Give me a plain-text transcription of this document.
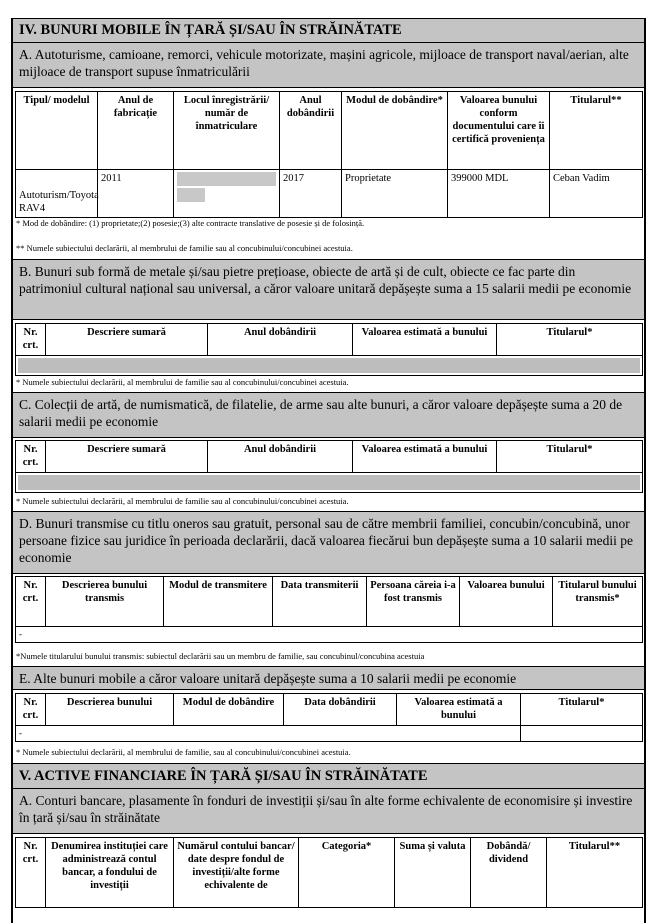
IV. BUNURI MOBILE ÎN ȚARĂ ȘI/SAU ÎN STRĂINĂTATE
A. Autoturisme, camioane, remorci, vehicule motorizate, mașini agricole, mijloace de transport naval/aerian, alte mijloace de transport supuse înmatriculării
Tipul/ modelul	Anul de fabricație	Locul înregistrării/ număr de înmatriculare	Anul dobândirii	Modul de dobândire*	Valoarea bunului conform documentului care îi certifică proveniența	Titularul**
Autoturism/Toyota RAV4	2011		2017	Proprietate	399000 MDL	Ceban Vadim
* Mod de dobândire: (1) proprietate;(2) posesie;(3) alte contracte translative de posesie și de folosință.
** Numele subiectului declarării, al membrului de familie sau al concubinului/concubinei acestuia.
B. Bunuri sub formă de metale și/sau pietre prețioase, obiecte de artă și de cult, obiecte ce fac parte din patrimoniul cultural național sau universal, a căror valoare unitară depășește suma a 15 salarii medii pe economie
Nr. crt.	Descriere sumară	Anul dobândirii	Valoarea estimată a bunului	Titularul*

* Numele subiectului declarării, al membrului de familie sau al concubinului/concubinei acestuia.
C. Colecții de artă, de numismatică, de filatelie, de arme sau alte bunuri, a căror valoare depășește suma a 20 de salarii medii pe economie
Nr. crt.	Descriere sumară	Anul dobândirii	Valoarea estimată a bunului	Titularul*

* Numele subiectului declarării, al membrului de familie sau al concubinului/concubinei acestuia.
D. Bunuri transmise cu titlu oneros sau gratuit, personal sau de către membrii familiei, concubin/concubină, unor persoane fizice sau juridice în perioada declarării, dacă valoarea fiecărui bun depășește suma a 10 salarii medii pe economie
Nr. crt.	Descrierea bunului transmis	Modul de transmitere	Data transmiterii	Persoana căreia i-a fost transmis	Valoarea bunului	Titularul bunului transmis*
-						
*Numele titularului bunului transmis: subiectul declarării sau un membru de familie, sau concubinul/concubina acestuia
E. Alte bunuri mobile a căror valoare unitară depășește suma a 10 salarii medii pe economie
Nr. crt.	Descrierea bunului	Modul de dobândire	Data dobândirii	Valoarea estimată a bunului	Titularul*
-					
* Numele subiectului declarării, al membrului de familie, sau al concubinului/concubinei acestuia.
V. ACTIVE FINANCIARE ÎN ȚARĂ ȘI/SAU ÎN STRĂINĂTATE
A. Conturi bancare, plasamente în fonduri de investiții și/sau în alte forme echivalente de economisire și investire în țară și/sau în străinătate
Nr. crt.	Denumirea instituției care administrează contul bancar, a fondului de investiții	Numărul contului bancar/ date despre fondul de investiții/alte forme echivalente de	Categoria*	Suma și valuta	Dobândă/ dividend	Titularul**
